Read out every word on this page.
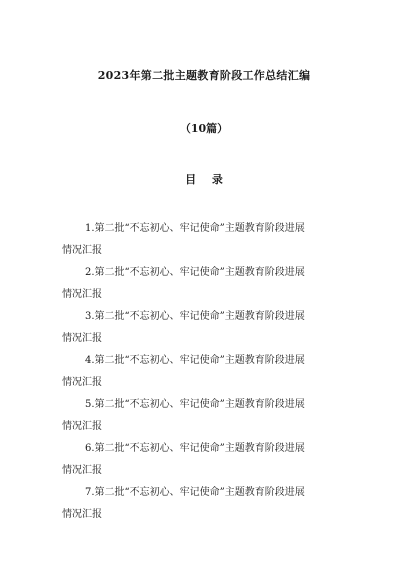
2023年第二批主题教育阶段工作总结汇编
（10篇）
目 录
1.第二批“不忘初心、牢记使命”主题教育阶段进展
情况汇报
2.第二批“不忘初心、牢记使命”主题教育阶段进展
情况汇报
3.第二批“不忘初心、牢记使命”主题教育阶段进展
情况汇报
4.第二批“不忘初心、牢记使命”主题教育阶段进展
情况汇报
5.第二批“不忘初心、牢记使命”主题教育阶段进展
情况汇报
6.第二批“不忘初心、牢记使命”主题教育阶段进展
情况汇报
7.第二批“不忘初心、牢记使命”主题教育阶段进展
情况汇报
